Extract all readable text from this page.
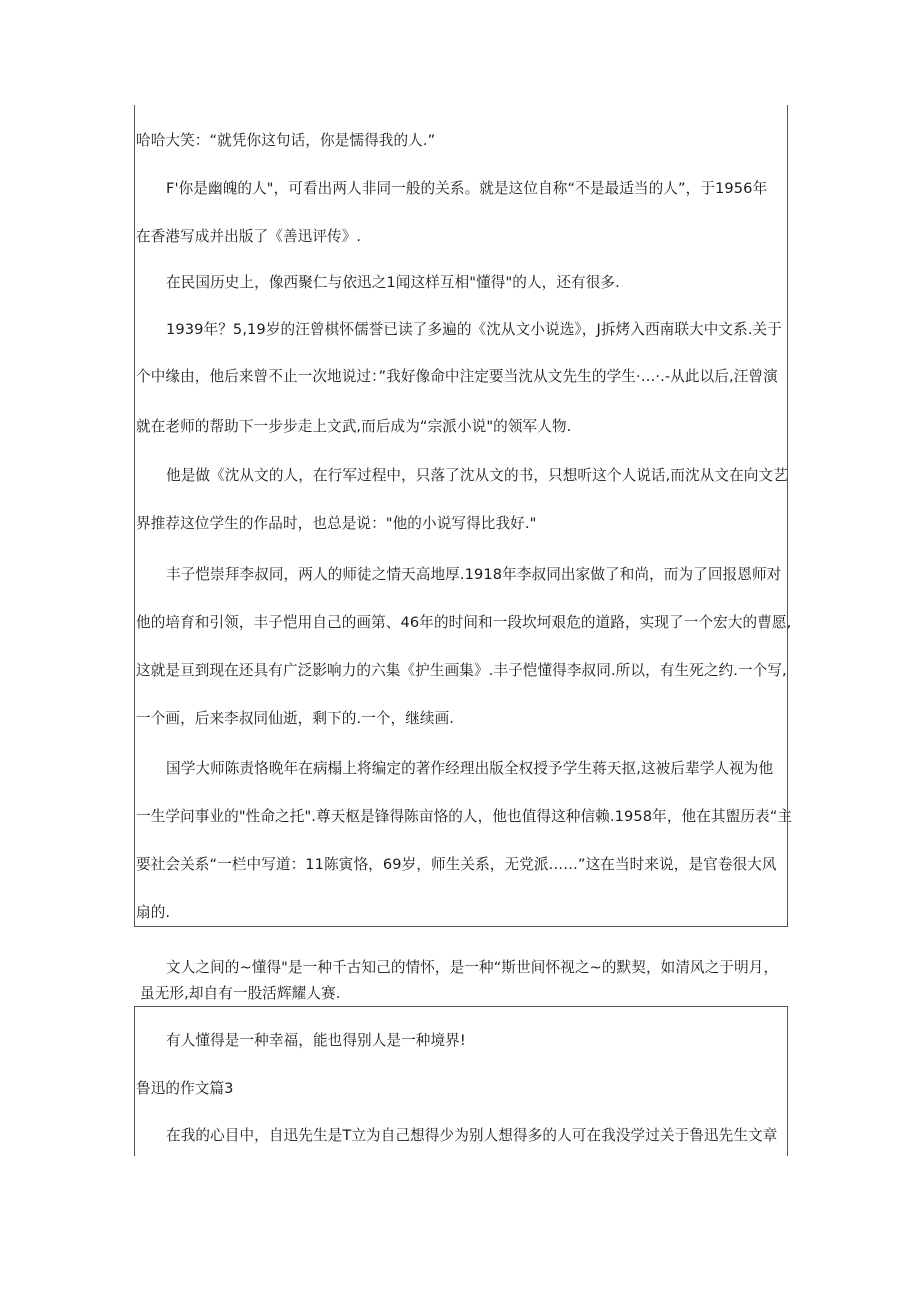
哈哈大笑：“就凭你这句话，你是懦得我的人.”
F'你是幽魄的人"，可看出两人非同一般的关系。就是这位自称“不是最适当的人”，于1956年
在香港写成并出版了《善迅评传》.
在民国历史上，像西聚仁与依迅之1闻这样互相"懂得"的人，还有很多.
1939年？5,19岁的汪曾棋怀儒誉已读了多遍的《沈从文小说选》，J拆烤入西南联大中文系.关于
个中缘由，他后来曾不止一次地说过：”我好像命中注定要当沈从文先生的学生·…·.-从此以后,汪曾演
就在老师的帮助下一步步走上文武,而后成为“宗派小说"的领军人物.
他是做《沈从文的人，在行军过程中，只落了沈从文的书，只想听这个人说话,而沈从文在向文艺
界推荐这位学生的作品时，也总是说："他的小说写得比我好."
丰子恺崇拜李叔同，两人的师徒之情天高地厚.1918年李叔同出家做了和尚，而为了回报恩师对
他的培育和引领，丰子恺用自己的画第、46年的时间和一段坎坷艰危的道路，实现了一个宏大的曹愿,
这就是亘到现在还具有广泛影响力的六集《护生画集》.丰子恺懂得李叔同.所以，有生死之约.一个写,
一个画，后来李叔同仙逝，剩下的.一个，继续画.
国学大师陈责恪晚年在病榻上将编定的著作经理出版全权授予学生蒋天抠,这被后辈学人视为他
一生学问事业的"性命之托".尊天枢是锋得陈亩恪的人，他也值得这种信赖.1958年，他在其盥历表“主
要社会关系“一栏中写道：11陈寅恪，69岁，师生关系，无党派……”这在当时来说，是官卷很大风
扇的.
文人之间的~懂得"是一种千古知己的情怀，是一种“斯世间怀视之~的默契，如清风之于明月，
虽无形,却自有一股活辉耀人赛.
有人懂得是一种幸福，能也得别人是一种境界!
鲁迅的作文篇3
在我的心目中，自迅先生是T立为自己想得少为别人想得多的人可在我没学过关于鲁迅先生文章
